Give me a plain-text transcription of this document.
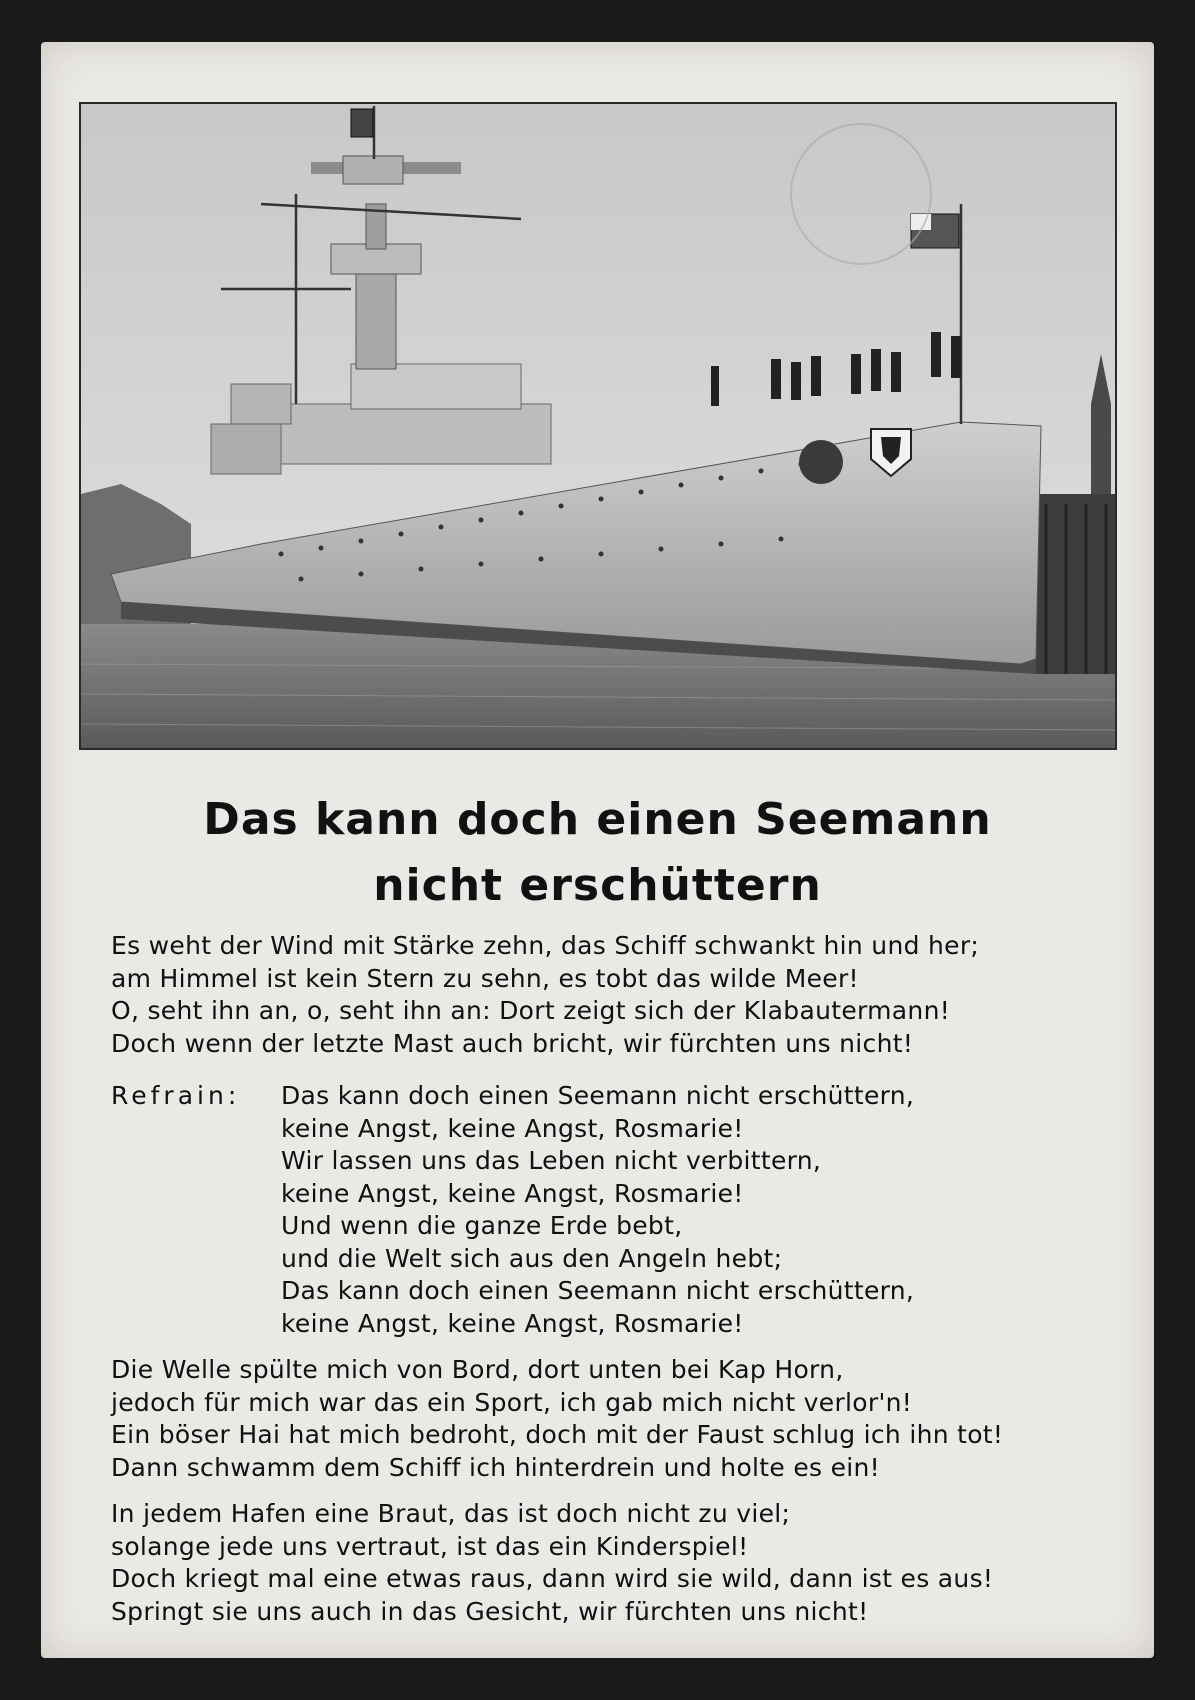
Das kann doch einen Seemann
nicht erschüttern
Es weht der Wind mit Stärke zehn, das Schiff schwankt hin und her;
am Himmel ist kein Stern zu sehn, es tobt das wilde Meer!
O, seht ihn an, o, seht ihn an: Dort zeigt sich der Klabautermann!
Doch wenn der letzte Mast auch bricht, wir fürchten uns nicht!
Refrain: Das kann doch einen Seemann nicht erschüttern,
keine Angst, keine Angst, Rosmarie!
Wir lassen uns das Leben nicht verbittern,
keine Angst, keine Angst, Rosmarie!
Und wenn die ganze Erde bebt,
und die Welt sich aus den Angeln hebt;
Das kann doch einen Seemann nicht erschüttern,
keine Angst, keine Angst, Rosmarie!
Die Welle spülte mich von Bord, dort unten bei Kap Horn,
jedoch für mich war das ein Sport, ich gab mich nicht verlor'n!
Ein böser Hai hat mich bedroht, doch mit der Faust schlug ich ihn tot!
Dann schwamm dem Schiff ich hinterdrein und holte es ein!
In jedem Hafen eine Braut, das ist doch nicht zu viel;
solange jede uns vertraut, ist das ein Kinderspiel!
Doch kriegt mal eine etwas raus, dann wird sie wild, dann ist es aus!
Springt sie uns auch in das Gesicht, wir fürchten uns nicht!
